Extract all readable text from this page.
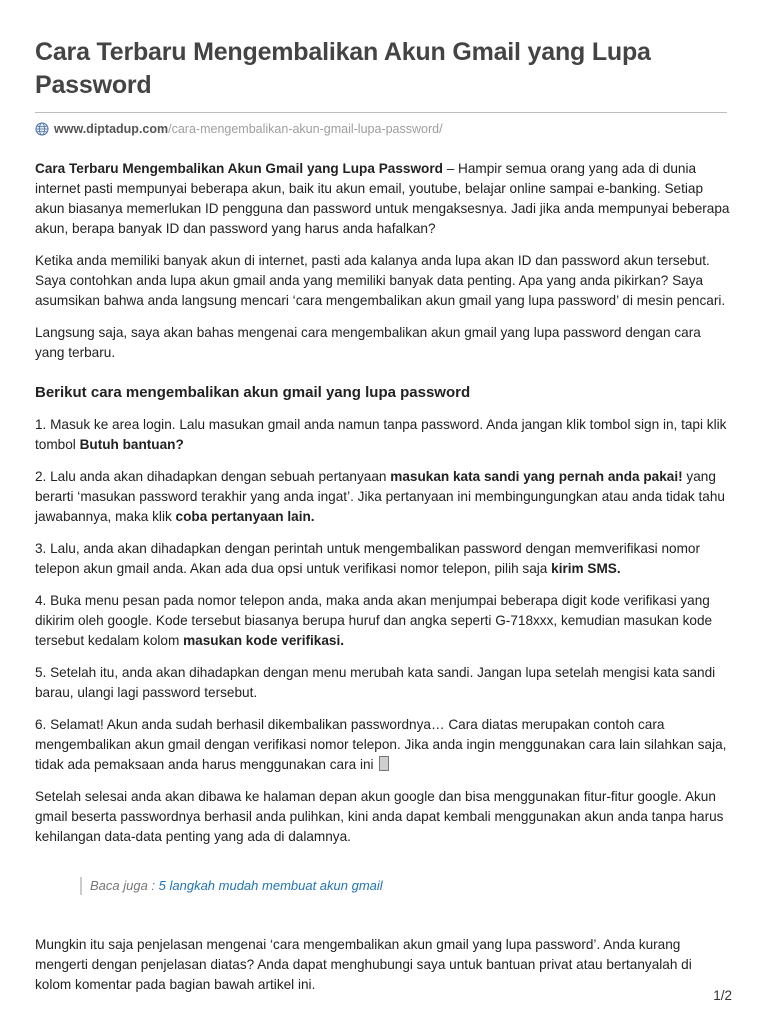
Cara Terbaru Mengembalikan Akun Gmail yang Lupa Password
www.diptadup.com /cara-mengembalikan-akun-gmail-lupa-password/

Cara Terbaru Mengembalikan Akun Gmail yang Lupa Password – Hampir semua orang yang ada di dunia internet pasti mempunyai beberapa akun, baik itu akun email, youtube, belajar online sampai e-banking. Setiap akun biasanya memerlukan ID pengguna dan password untuk mengaksesnya. Jadi jika anda mempunyai beberapa akun, berapa banyak ID dan password yang harus anda hafalkan?

Ketika anda memiliki banyak akun di internet, pasti ada kalanya anda lupa akan ID dan password akun tersebut. Saya contohkan anda lupa akun gmail anda yang memiliki banyak data penting. Apa yang anda pikirkan? Saya asumsikan bahwa anda langsung mencari ‘cara mengembalikan akun gmail yang lupa password’ di mesin pencari.

Langsung saja, saya akan bahas mengenai cara mengembalikan akun gmail yang lupa password dengan cara yang terbaru.

Berikut cara mengembalikan akun gmail yang lupa password

1. Masuk ke area login. Lalu masukan gmail anda namun tanpa password. Anda jangan klik tombol sign in, tapi klik tombol Butuh bantuan?

2. Lalu anda akan dihadapkan dengan sebuah pertanyaan masukan kata sandi yang pernah anda pakai! yang berarti ‘masukan password terakhir yang anda ingat’. Jika pertanyaan ini membingungungkan atau anda tidak tahu jawabannya, maka klik coba pertanyaan lain.

3. Lalu, anda akan dihadapkan dengan perintah untuk mengembalikan password dengan memverifikasi nomor telepon akun gmail anda. Akan ada dua opsi untuk verifikasi nomor telepon, pilih saja kirim SMS.

4. Buka menu pesan pada nomor telepon anda, maka anda akan menjumpai beberapa digit kode verifikasi yang dikirim oleh google. Kode tersebut biasanya berupa huruf dan angka seperti G-718xxx, kemudian masukan kode tersebut kedalam kolom masukan kode verifikasi.

5. Setelah itu, anda akan dihadapkan dengan menu merubah kata sandi. Jangan lupa setelah mengisi kata sandi barau, ulangi lagi password tersebut.

6. Selamat! Akun anda sudah berhasil dikembalikan passwordnya… Cara diatas merupakan contoh cara mengembalikan akun gmail dengan verifikasi nomor telepon. Jika anda ingin menggunakan cara lain silahkan saja, tidak ada pemaksaan anda harus menggunakan cara ini

Setelah selesai anda akan dibawa ke halaman depan akun google dan bisa menggunakan fitur-fitur google. Akun gmail beserta passwordnya berhasil anda pulihkan, kini anda dapat kembali menggunakan akun anda tanpa harus kehilangan data-data penting yang ada di dalamnya.

Baca juga : 5 langkah mudah membuat akun gmail

Mungkin itu saja penjelasan mengenai ‘cara mengembalikan akun gmail yang lupa password’. Anda kurang mengerti dengan penjelasan diatas? Anda dapat menghubungi saya untuk bantuan privat atau bertanyalah di kolom komentar pada bagian bawah artikel ini.

1/2
